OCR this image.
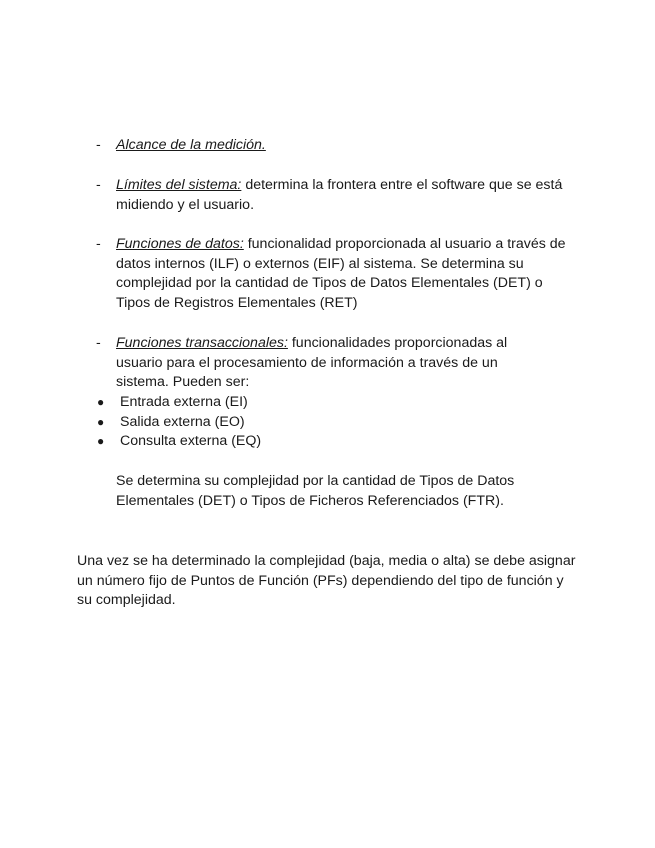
- Alcance de la medición.
- Límites del sistema: determina la frontera entre el software que se está midiendo y el usuario.
- Funciones de datos: funcionalidad proporcionada al usuario a través de datos internos (ILF) o externos (EIF) al sistema. Se determina su complejidad por la cantidad de Tipos de Datos Elementales (DET) o Tipos de Registros Elementales (RET)
- Funciones transaccionales: funcionalidades proporcionadas al usuario para el procesamiento de información a través de un sistema. Pueden ser:
● Entrada externa (EI)
● Salida externa (EO)
● Consulta externa (EQ)
Se determina su complejidad por la cantidad de Tipos de Datos Elementales (DET) o Tipos de Ficheros Referenciados (FTR).
Una vez se ha determinado la complejidad (baja, media o alta) se debe asignar un número fijo de Puntos de Función (PFs) dependiendo del tipo de función y su complejidad.
